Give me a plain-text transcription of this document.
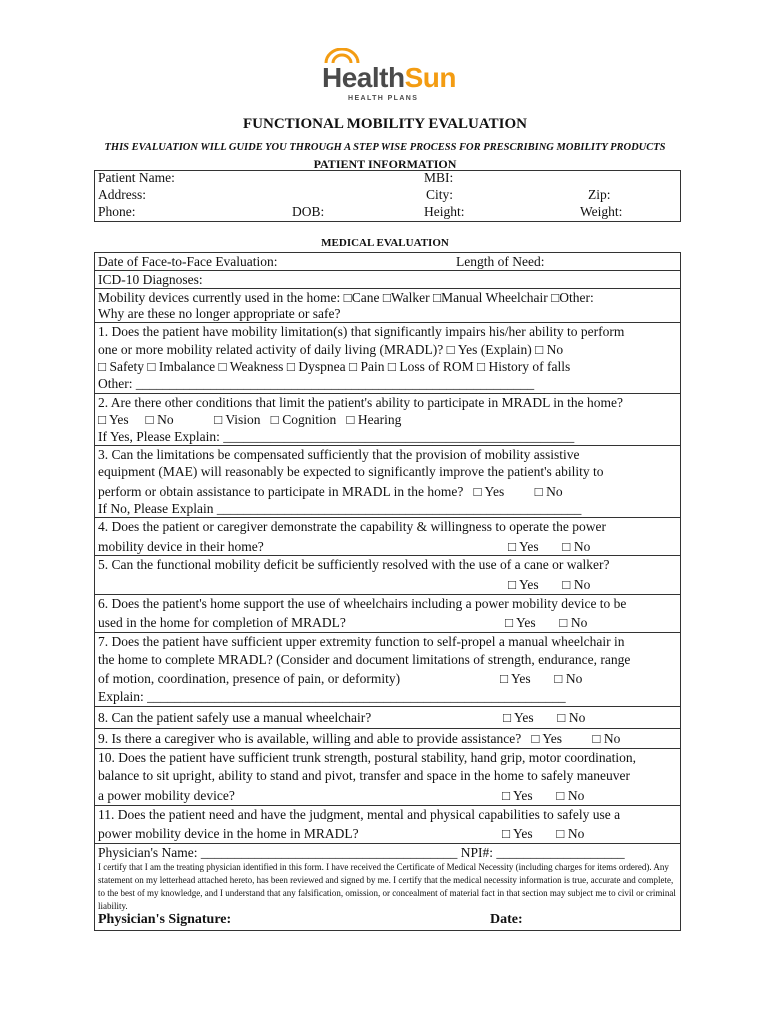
HealthSun
HEALTH PLANS
FUNCTIONAL MOBILITY EVALUATION
THIS EVALUATION WILL GUIDE YOU THROUGH A STEP WISE PROCESS FOR PRESCRIBING MOBILITY PRODUCTS
PATIENT INFORMATION
Patient Name:	MBI:
Address:	City:	Zip:
Phone:	DOB:	Height:	Weight:
MEDICAL EVALUATION
Date of Face-to-Face Evaluation:	Length of Need:
ICD-10 Diagnoses:
Mobility devices currently used in the home: □Cane □Walker □Manual Wheelchair □Other:
Why are these no longer appropriate or safe?
1. Does the patient have mobility limitation(s) that significantly impairs his/her ability to perform
one or more mobility related activity of daily living (MRADL)? □ Yes (Explain) □ No
□ Safety □ Imbalance □ Weakness □ Dyspnea □ Pain □ Loss of ROM □ History of falls
Other: ___________________________________________________________
2. Are there other conditions that limit the patient's ability to participate in MRADL in the home?
□ Yes     □ No            □ Vision   □ Cognition   □ Hearing
If Yes, Please Explain: ____________________________________________________
3. Can the limitations be compensated sufficiently that the provision of mobility assistive
equipment (MAE) will reasonably be expected to significantly improve the patient's ability to
perform or obtain assistance to participate in MRADL in the home?   □ Yes         □ No
If No, Please Explain ______________________________________________________
4. Does the patient or caregiver demonstrate the capability & willingness to operate the power
mobility device in their home?	□ Yes       □ No
5. Can the functional mobility deficit be sufficiently resolved with the use of a cane or walker?
□ Yes       □ No
6. Does the patient's home support the use of wheelchairs including a power mobility device to be
used in the home for completion of MRADL?	□ Yes       □ No
7. Does the patient have sufficient upper extremity function to self-propel a manual wheelchair in
the home to complete MRADL? (Consider and document limitations of strength, endurance, range
of motion, coordination, presence of pain, or deformity)	□ Yes       □ No
Explain: ______________________________________________________________
8. Can the patient safely use a manual wheelchair?	□ Yes       □ No
9. Is there a caregiver who is available, willing and able to provide assistance?   □ Yes         □ No
10. Does the patient have sufficient trunk strength, postural stability, hand grip, motor coordination,
balance to sit upright, ability to stand and pivot, transfer and space in the home to safely maneuver
a power mobility device?	□ Yes       □ No
11. Does the patient need and have the judgment, mental and physical capabilities to safely use a
power mobility device in the home in MRADL?	□ Yes       □ No
Physician's Name: ______________________________________ NPI#: ___________________
I certify that I am the treating physician identified in this form. I have received the Certificate of Medical Necessity (including charges for items ordered). Any statement on my letterhead attached hereto, has been reviewed and signed by me. I certify that the medical necessity information is true, accurate and complete, to the best of my knowledge, and I understand that any falsification, omission, or concealment of material fact in that section may subject me to civil or criminal liability.
Physician's Signature:	Date:
